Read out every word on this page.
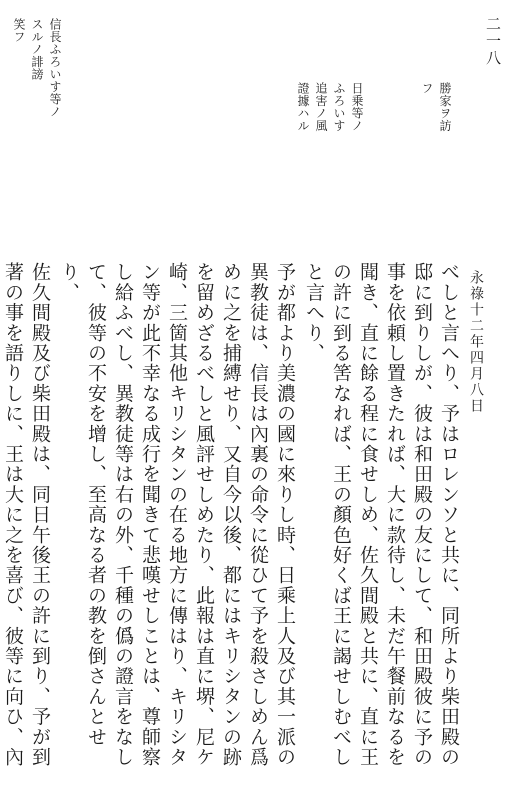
二一八
笑フ スルノ誹謗 信長ふろいす等ノ	證據ハル 追害ノ風 ふろいす 日乗等ノ	フ 勝家ヲ訪
永祿十二年四月八日

べしと言へり、予はロレンソと共に、同所より柴田殿の邸に到りしが、彼は和田殿の友にして、和田殿彼に予の事を依頼し置きたれば、大に款待し、未だ午餐前なるを聞き、直に餘る程に食せしめ、佐久間殿と共に、直に王の許に到る筈なれば、王の顏色好くば王に謁せしむべしと言へり、

予が都より美濃の國に來りし時、日乘上人及び其一派の異教徒は、信長は內裏の命令に從ひて予を殺さしめん爲めに之を捕縛せり、又自今以後、都にはキリシタンの跡を留めざるべしと風評せしめたり、此報は直に堺、尼ケ崎、三箇其他キリシタンの在る地方に傳はり、キリシタン等が此不幸なる成行を聞きて悲嘆せしことは、尊師察し給ふべし、異教徒等は右の外、千種の僞の證言をなして、彼等の不安を增し、至高なる者の教を倒さんとせり、

佐久間殿及び柴田殿は、同日午後王の許に到り、予が到著の事を語りしに、王は大に之を喜び、彼等に向ひ、內
